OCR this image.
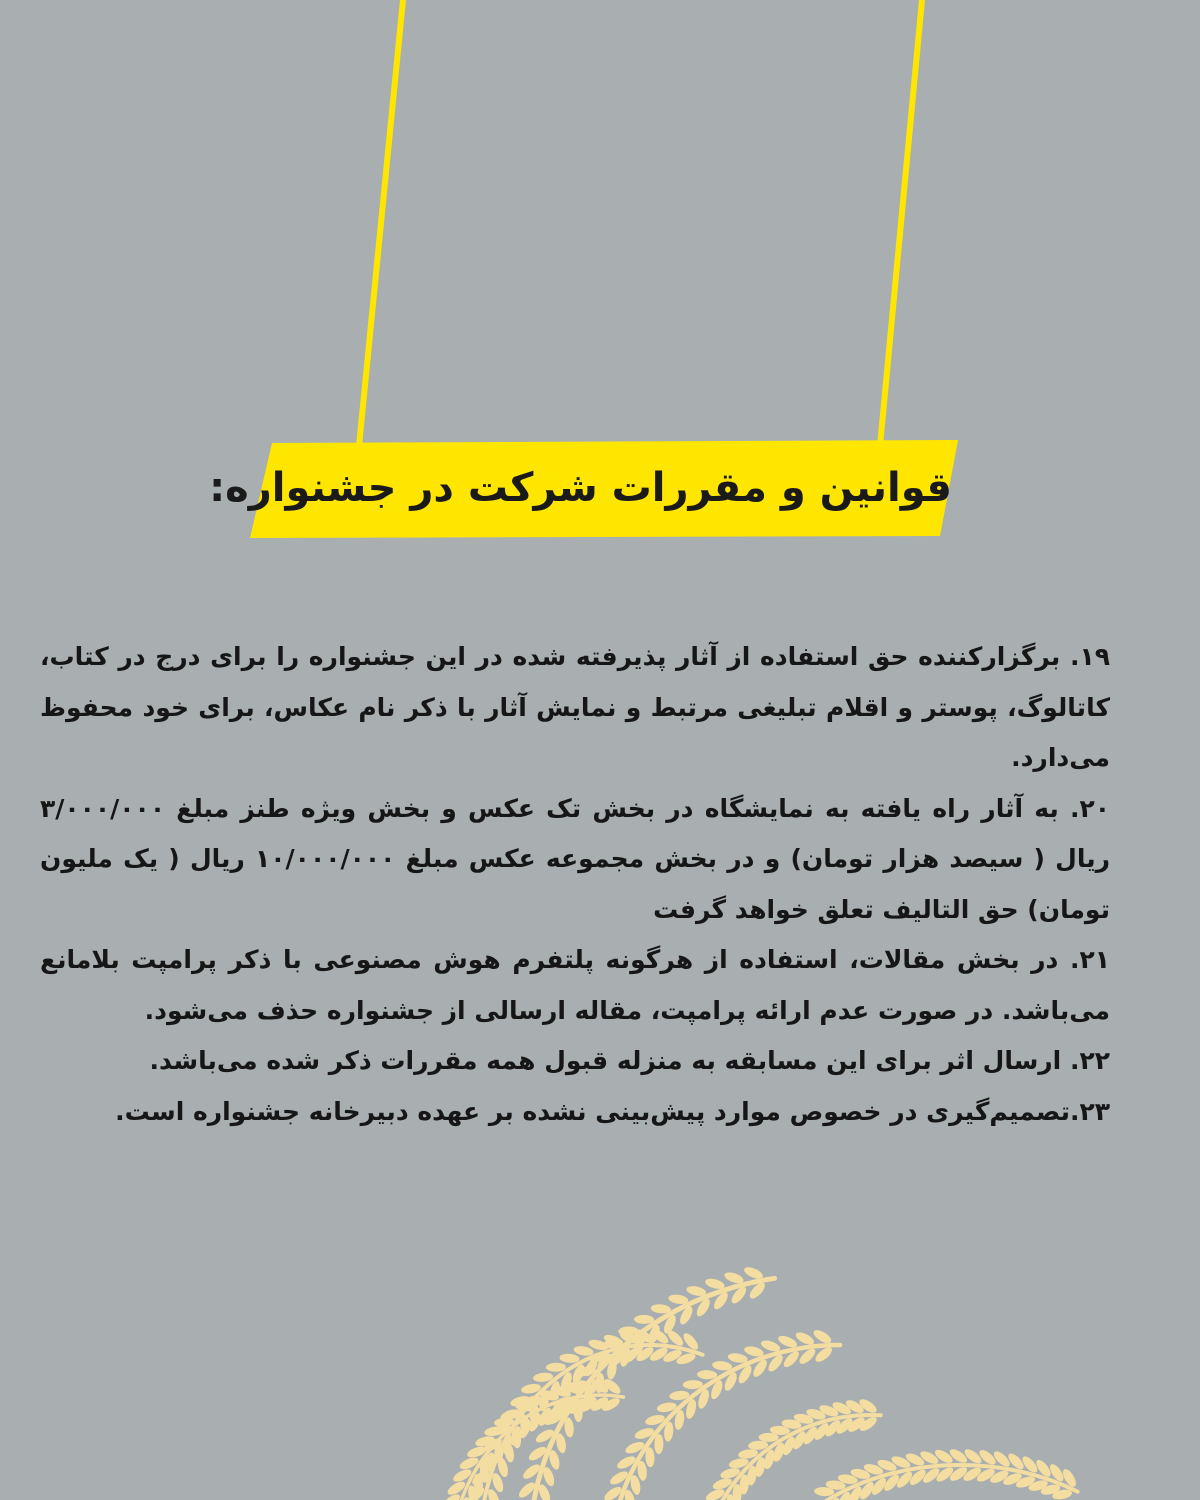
قوانین و مقررات شرکت در جشنواره:

۱۹. برگزارکننده حق استفاده از آثار پذیرفته شده در این جشنواره را برای درج در کتاب، کاتالوگ، پوستر و اقلام تبلیغی مرتبط و نمایش آثار با ذکر نام عکاس، برای خود محفوظ می‌دارد.

۲۰. به آثار راه یافته به نمایشگاه در بخش تک عکس و بخش ویژه طنز مبلغ ۳/۰۰۰/۰۰۰ ریال ( سیصد هزار تومان) و در بخش مجموعه عکس مبلغ ۱۰/۰۰۰/۰۰۰ ریال ( یک ملیون تومان) حق التالیف تعلق خواهد گرفت

۲۱. در بخش مقالات، استفاده از هرگونه پلتفرم هوش مصنوعی با ذکر پرامپت بلامانع می‌باشد. در صورت عدم ارائه پرامپت، مقاله ارسالی از جشنواره حذف می‌شود.

۲۲. ارسال اثر برای این مسابقه به منزله قبول همه مقررات ذکر شده می‌باشد.

۲۳.تصمیم‌گیری در خصوص موارد پیش‌بینی نشده بر عهده دبیرخانه جشنواره است.
